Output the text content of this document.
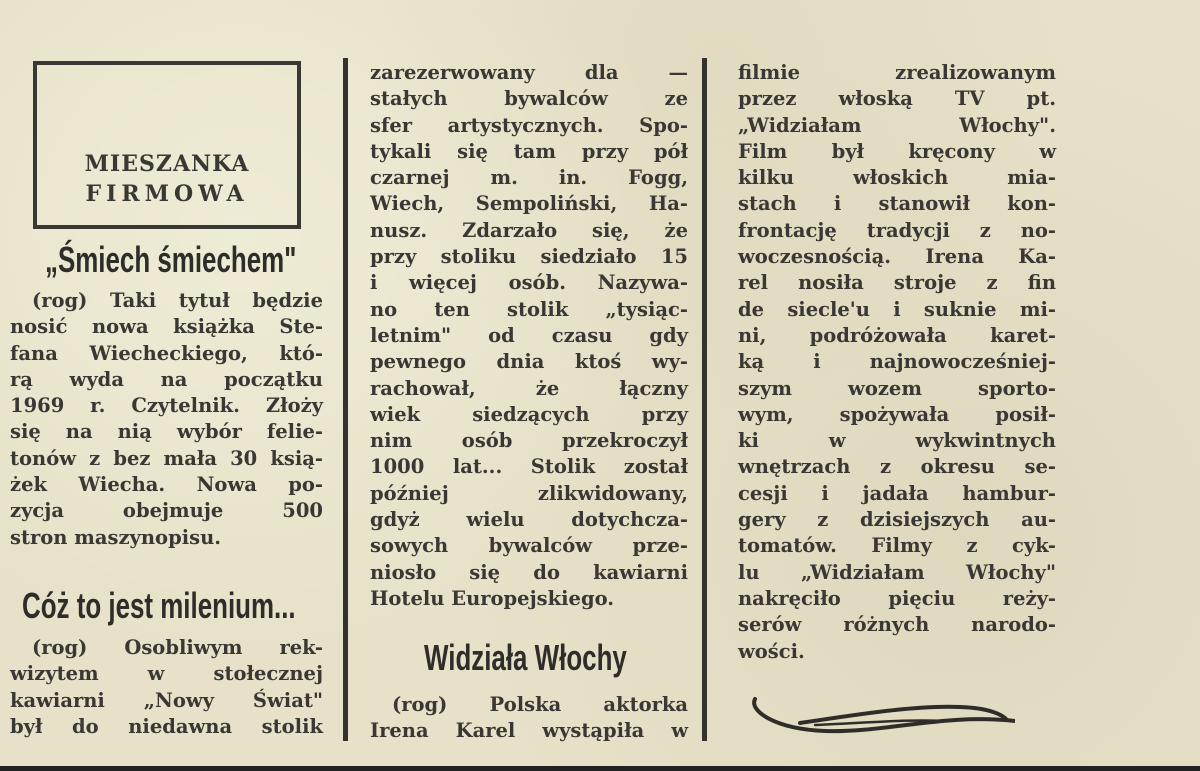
MIESZANKA
FIRMOWA
„Śmiech śmiechem"
(rog) Taki tytuł będzie
nosić nowa książka Ste-
fana Wiechеckiego, któ-
rą wyda na początku
1969 r. Czytelnik. Złoży
się na nią wybór felie-
tonów z bez mała 30 ksią-
żek Wiecha. Nowa po-
zycja obejmuje 500
stron maszynopisu.
Cóż to jest milenium...
(rog) Osobliwym rek-
wizytem w stołecznej
kawiarni „Nowy Świat"
był do niedawna stolik
zarezerwowany dla —
stałych bywalców ze
sfer artystycznych. Spo-
tykali się tam przy pół
czarnej m. in. Fogg,
Wiech, Sempoliński, Ha-
nusz. Zdarzało się, że
przy stoliku siedziało 15
i więcej osób. Nazywa-
no ten stolik „tysiąc-
letnim" od czasu gdy
pewnego dnia ktoś wy-
rachował, że łączny
wiek siedzących przy
nim osób przekroczył
1000 lat... Stolik został
później zlikwidowany,
gdyż wielu dotychcza-
sowych bywalców prze-
niosło się do kawiarni
Hotelu Europejskiego.
Widziała Włochy
(rog) Polska aktorka
Irena Karel wystąpiła w
filmie zrealizowanym
przez włoską TV pt.
„Widziałam Włochy".
Film był kręcony w
kilku włoskich mia-
stach i stanowił kon-
frontację tradycji z no-
woczesnością. Irena Ka-
rel nosiła stroje z fin
de siecle'u i suknie mi-
ni, podróżowała karet-
ką i najnowocześniej-
szym wozem sporto-
wym, spożywała posił-
ki w wykwintnych
wnętrzach z okresu se-
cesji i jadała hambur-
gery z dzisiejszych au-
tomatów. Filmy z cyk-
lu „Widziałam Włochy"
nakręciło pięciu reży-
serów różnych narodo-
wości.
